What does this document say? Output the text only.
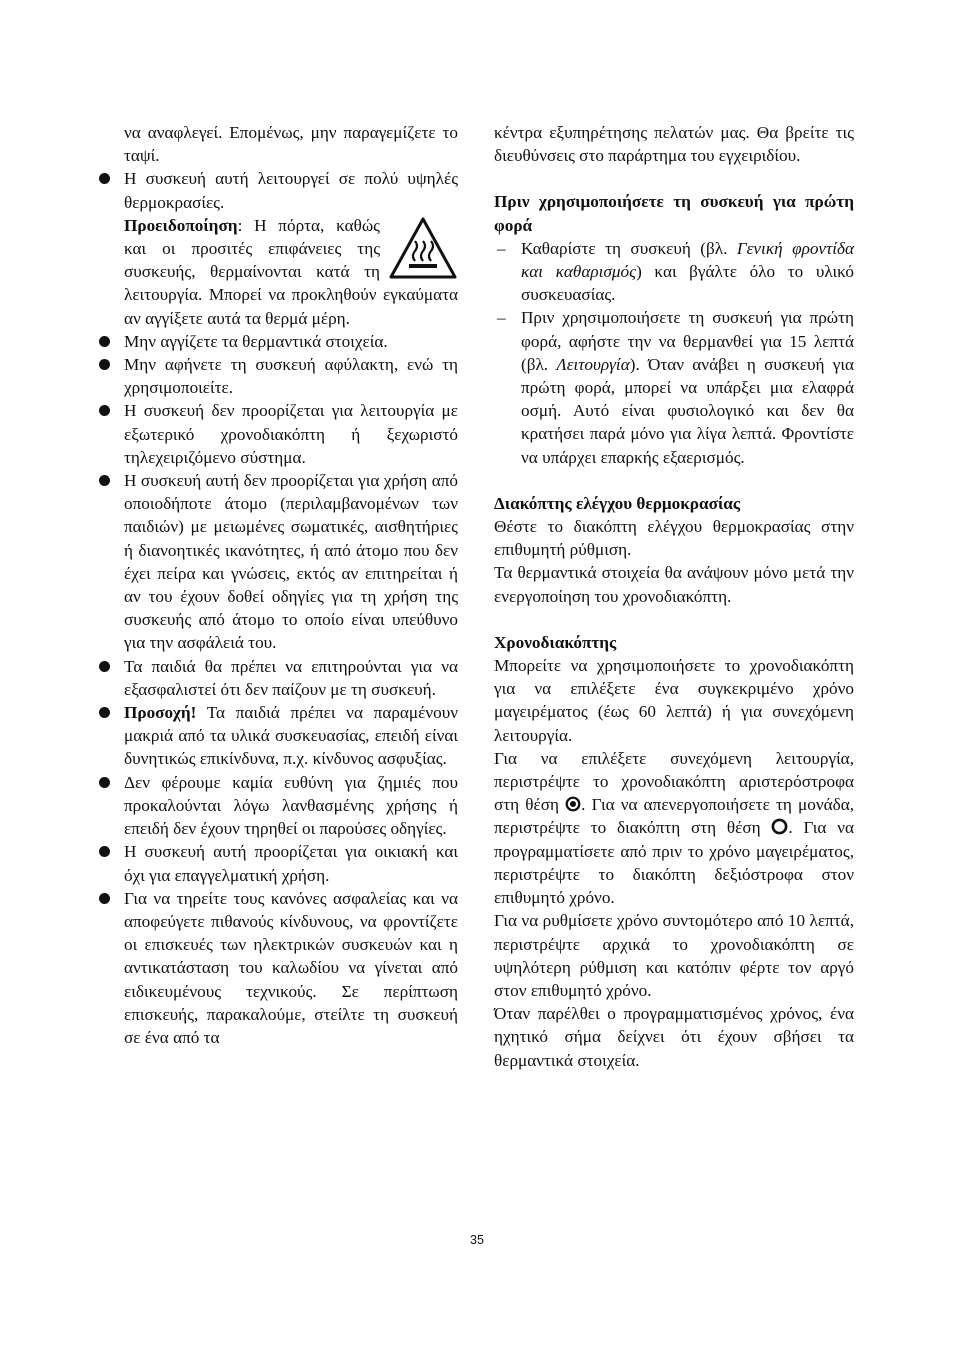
να αναφλεγεί. Επομένως, μην παραγεμίζετε το ταψί.

Η συσκευή αυτή λειτουργεί σε πολύ υψηλές θερμοκρασίες.

Προειδοποίηση: Η πόρτα, καθώς και οι προσιτές επιφάνειες της συσκευής, θερμαίνονται κατά τη λειτουργία. Μπορεί να προκληθούν εγκαύματα αν αγγίξετε αυτά τα θερμά μέρη.

Μην αγγίζετε τα θερμαντικά στοιχεία.

Μην αφήνετε τη συσκευή αφύλακτη, ενώ τη χρησιμοποιείτε.

Η συσκευή δεν προορίζεται για λειτουργία με εξωτερικό χρονοδιακόπτη ή ξεχωριστό τηλεχειριζόμενο σύστημα.

Η συσκευή αυτή δεν προορίζεται για χρήση από οποιοδήποτε άτομο (περιλαμβανομένων των παιδιών) με μειωμένες σωματικές, αισθητήριες ή διανοητικές ικανότητες, ή από άτομο που δεν έχει πείρα και γνώσεις, εκτός αν επιτηρείται ή αν του έχουν δοθεί οδηγίες για τη χρήση της συσκευής από άτομο το οποίο είναι υπεύθυνο για την ασφάλειά του.

Τα παιδιά θα πρέπει να επιτηρούνται για να εξασφαλιστεί ότι δεν παίζουν με τη συσκευή.

Προσοχή! Τα παιδιά πρέπει να παραμένουν μακριά από τα υλικά συσκευασίας, επειδή είναι δυνητικώς επικίνδυνα, π.χ. κίνδυνος ασφυξίας.

Δεν φέρουμε καμία ευθύνη για ζημιές που προκαλούνται λόγω λανθασμένης χρήσης ή επειδή δεν έχουν τηρηθεί οι παρούσες οδηγίες.

Η συσκευή αυτή προορίζεται για οικιακή και όχι για επαγγελματική χρήση.

Για να τηρείτε τους κανόνες ασφαλείας και να αποφεύγετε πιθανούς κίνδυνους, να φροντίζετε οι επισκευές των ηλεκτρικών συσκευών και η αντικατάσταση του καλωδίου να γίνεται από ειδικευμένους τεχνικούς. Σε περίπτωση επισκευής, παρακαλούμε, στείλτε τη συσκευή σε ένα από τα

κέντρα εξυπηρέτησης πελατών μας. Θα βρείτε τις διευθύνσεις στο παράρτημα του εγχειριδίου.

Πριν χρησιμοποιήσετε τη συσκευή για πρώτη φορά

– Καθαρίστε τη συσκευή (βλ. Γενική φροντίδα και καθαρισμός) και βγάλτε όλο το υλικό συσκευασίας.

– Πριν χρησιμοποιήσετε τη συσκευή για πρώτη φορά, αφήστε την να θερμανθεί για 15 λεπτά (βλ. Λειτουργία). Όταν ανάβει η συσκευή για πρώτη φορά, μπορεί να υπάρξει μια ελαφρά οσμή. Αυτό είναι φυσιολογικό και δεν θα κρατήσει παρά μόνο για λίγα λεπτά. Φροντίστε να υπάρχει επαρκής εξαερισμός.

Διακόπτης ελέγχου θερμοκρασίας

Θέστε το διακόπτη ελέγχου θερμοκρασίας στην επιθυμητή ρύθμιση.

Τα θερμαντικά στοιχεία θα ανάψουν μόνο μετά την ενεργοποίηση του χρονοδιακόπτη.

Χρονοδιακόπτης

Μπορείτε να χρησιμοποιήσετε το χρονοδιακόπτη για να επιλέξετε ένα συγκεκριμένο χρόνο μαγειρέματος (έως 60 λεπτά) ή για συνεχόμενη λειτουργία.

Για να επιλέξετε συνεχόμενη λειτουργία, περιστρέψτε το χρονοδιακόπτη αριστερόστροφα στη θέση . Για να απενεργοποιήσετε τη μονάδα, περιστρέψτε το διακόπτη στη θέση . Για να προγραμματίσετε από πριν το χρόνο μαγειρέματος, περιστρέψτε το διακόπτη δεξιόστροφα στον επιθυμητό χρόνο.

Για να ρυθμίσετε χρόνο συντομότερο από 10 λεπτά, περιστρέψτε αρχικά το χρονοδιακόπτη σε υψηλότερη ρύθμιση και κατόπιν φέρτε τον αργό στον επιθυμητό χρόνο.

Όταν παρέλθει ο προγραμματισμένος χρόνος, ένα ηχητικό σήμα δείχνει ότι έχουν σβήσει τα θερμαντικά στοιχεία.

35
